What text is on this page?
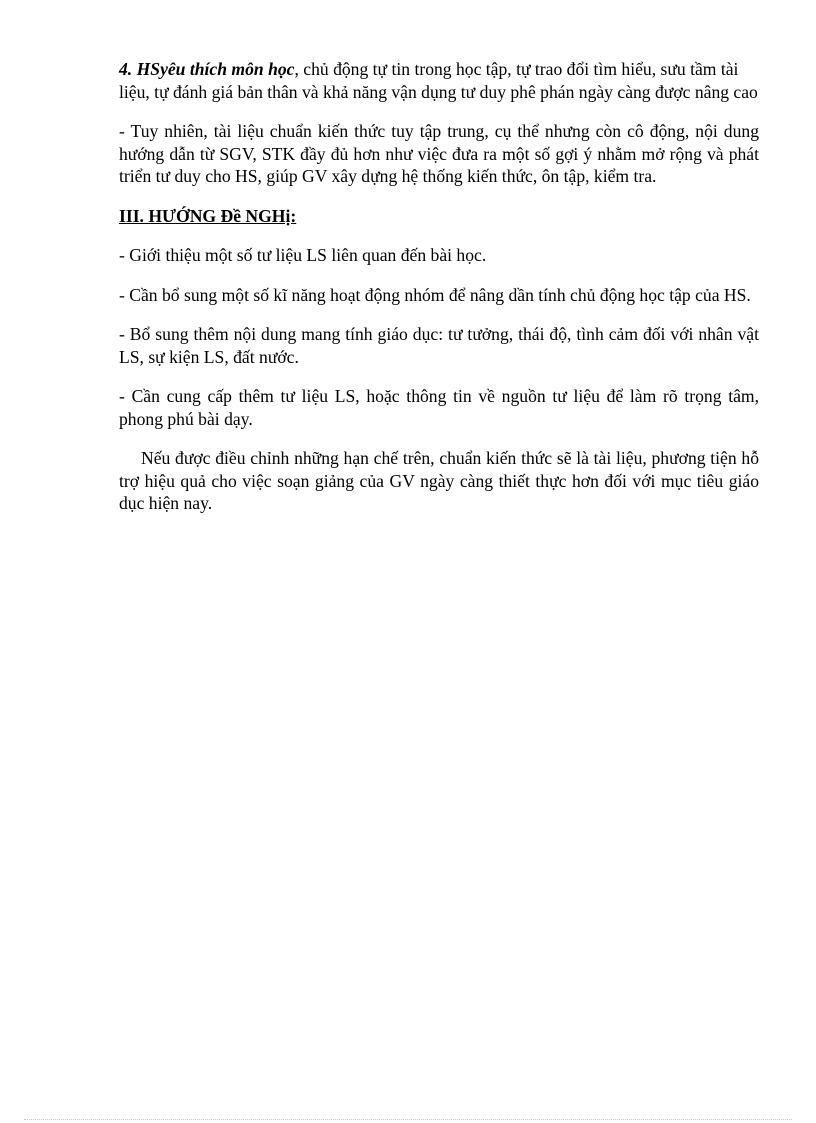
4. HSyêu thích môn học, chủ động tự tin trong học tập, tự trao đổi tìm hiểu, sưu tầm tài liệu, tự đánh giá bản thân và khả năng vận dụng tư duy phê phán ngày càng được nâng cao

- Tuy nhiên, tài liệu chuẩn kiến thức tuy tập trung, cụ thể nhưng còn cô động, nội dung hướng dẫn từ SGV, STK đầy đủ hơn như việc đưa ra một số gợi ý nhằm mở rộng và phát triển tư duy cho HS, giúp GV xây dựng hệ thống kiến thức, ôn tập, kiểm tra.

III. HƯỚNG Đề NGHị:

- Giới thiệu một số tư liệu LS liên quan đến bài học.

- Cần bổ sung một số kĩ năng hoạt động nhóm để nâng dần tính chủ động học tập của HS.

- Bổ sung thêm nội dung mang tính giáo dục: tư tưởng, thái độ, tình cảm đối với nhân vật LS, sự kiện LS, đất nước.

- Cần cung cấp thêm tư liệu LS, hoặc thông tin về nguồn tư liệu để làm rõ trọng tâm, phong phú bài dạy.

Nếu được điều chỉnh những hạn chế trên, chuẩn kiến thức sẽ là tài liệu, phương tiện hỗ trợ hiệu quả cho việc soạn giảng của GV ngày càng thiết thực hơn đối với mục tiêu giáo dục hiện nay.
